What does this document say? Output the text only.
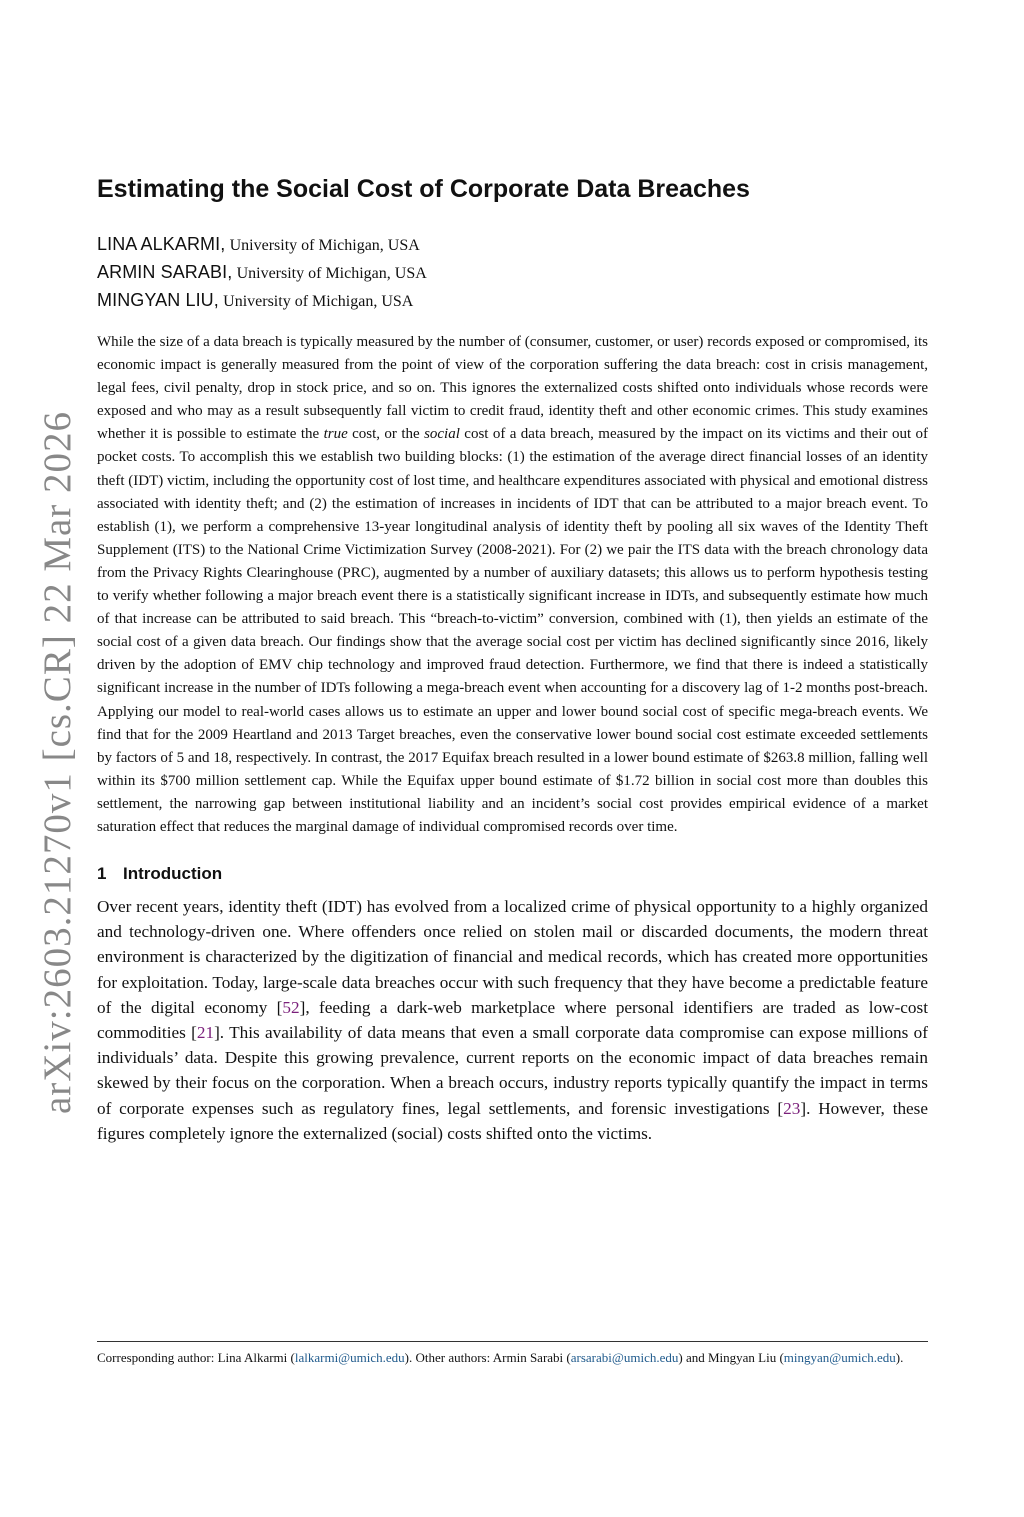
arXiv:2603.21270v1 [cs.CR] 22 Mar 2026
Estimating the Social Cost of Corporate Data Breaches
LINA ALKARMI, University of Michigan, USA
ARMIN SARABI, University of Michigan, USA
MINGYAN LIU, University of Michigan, USA

While the size of a data breach is typically measured by the number of (consumer, customer, or user) records exposed or compromised, its economic impact is generally measured from the point of view of the corporation suffering the data breach: cost in crisis management, legal fees, civil penalty, drop in stock price, and so on. This ignores the externalized costs shifted onto individuals whose records were exposed and who may as a result subsequently fall victim to credit fraud, identity theft and other economic crimes. This study examines whether it is possible to estimate the true cost, or the social cost of a data breach, measured by the impact on its victims and their out of pocket costs. To accomplish this we establish two building blocks: (1) the estimation of the average direct financial losses of an identity theft (IDT) victim, including the opportunity cost of lost time, and healthcare expenditures associated with physical and emotional distress associated with identity theft; and (2) the estimation of increases in incidents of IDT that can be attributed to a major breach event. To establish (1), we perform a comprehensive 13-year longitudinal analysis of identity theft by pooling all six waves of the Identity Theft Supplement (ITS) to the National Crime Victimization Survey (2008-2021). For (2) we pair the ITS data with the breach chronology data from the Privacy Rights Clearinghouse (PRC), augmented by a number of auxiliary datasets; this allows us to perform hypothesis testing to verify whether following a major breach event there is a statistically significant increase in IDTs, and subsequently estimate how much of that increase can be attributed to said breach. This “breach-to-victim” conversion, combined with (1), then yields an estimate of the social cost of a given data breach. Our findings show that the average social cost per victim has declined significantly since 2016, likely driven by the adoption of EMV chip technology and improved fraud detection. Furthermore, we find that there is indeed a statistically significant increase in the number of IDTs following a mega-breach event when accounting for a discovery lag of 1-2 months post-breach. Applying our model to real-world cases allows us to estimate an upper and lower bound social cost of specific mega-breach events. We find that for the 2009 Heartland and 2013 Target breaches, even the conservative lower bound social cost estimate exceeded settlements by factors of 5 and 18, respectively. In contrast, the 2017 Equifax breach resulted in a lower bound estimate of $263.8 million, falling well within its $700 million settlement cap. While the Equifax upper bound estimate of $1.72 billion in social cost more than doubles this settlement, the narrowing gap between institutional liability and an incident’s social cost provides empirical evidence of a market saturation effect that reduces the marginal damage of individual compromised records over time.

1 Introduction

Over recent years, identity theft (IDT) has evolved from a localized crime of physical opportunity to a highly organized and technology-driven one. Where offenders once relied on stolen mail or discarded documents, the modern threat environment is characterized by the digitization of financial and medical records, which has created more opportunities for exploitation. Today, large-scale data breaches occur with such frequency that they have become a predictable feature of the digital economy [52], feeding a dark-web marketplace where personal identifiers are traded as low-cost commodities [21]. This availability of data means that even a small corporate data compromise can expose millions of individuals’ data. Despite this growing prevalence, current reports on the economic impact of data breaches remain skewed by their focus on the corporation. When a breach occurs, industry reports typically quantify the impact in terms of corporate expenses such as regulatory fines, legal settlements, and forensic investigations [23]. However, these figures completely ignore the externalized (social) costs shifted onto the victims.

Corresponding author: Lina Alkarmi (lalkarmi@umich.edu). Other authors: Armin Sarabi (arsarabi@umich.edu) and Mingyan Liu (mingyan@umich.edu).
